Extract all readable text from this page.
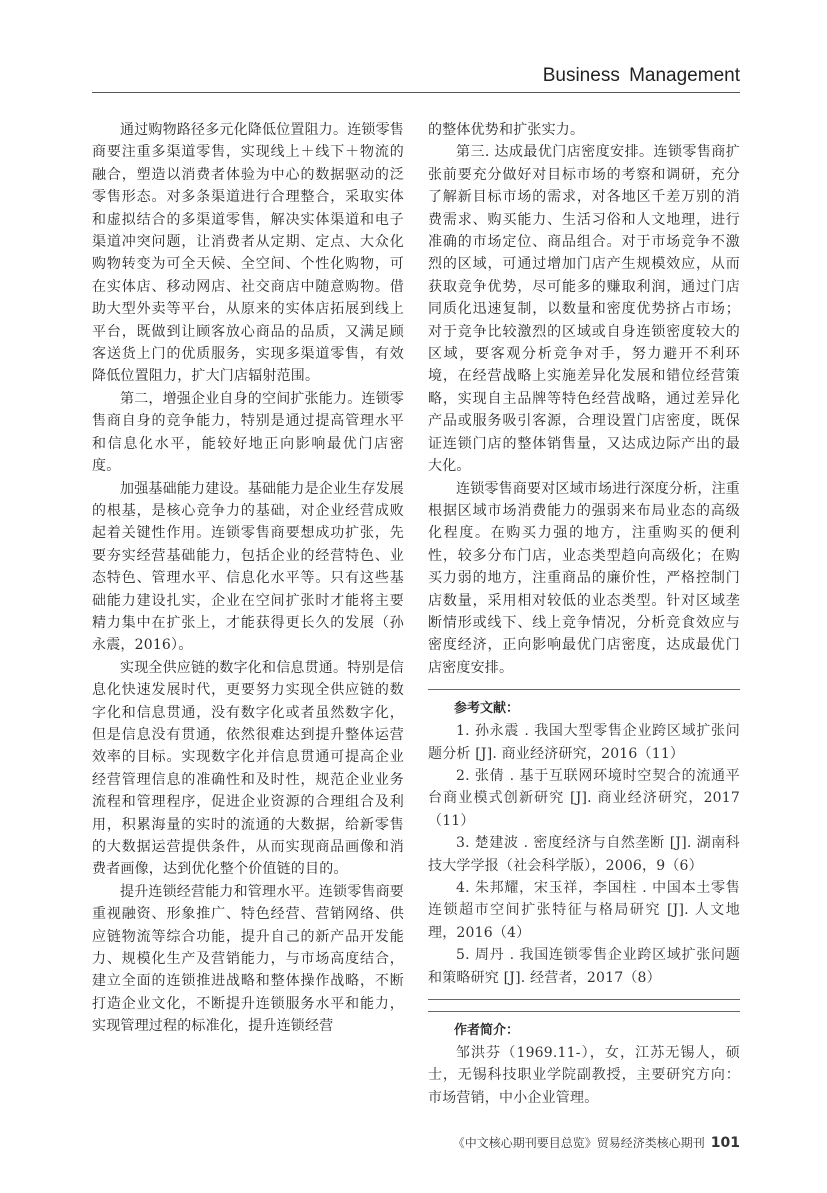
Business Management

通过购物路径多元化降低位置阻力。连锁零售商要注重多渠道零售，实现线上＋线下＋物流的融合，塑造以消费者体验为中心的数据驱动的泛零售形态。对多条渠道进行合理整合，采取实体和虚拟结合的多渠道零售，解决实体渠道和电子渠道冲突问题，让消费者从定期、定点、大众化购物转变为可全天候、全空间、个性化购物，可在实体店、移动网店、社交商店中随意购物。借助大型外卖等平台，从原来的实体店拓展到线上平台，既做到让顾客放心商品的品质，又满足顾客送货上门的优质服务，实现多渠道零售，有效降低位置阻力，扩大门店辐射范围。

第二，增强企业自身的空间扩张能力。连锁零售商自身的竞争能力，特别是通过提高管理水平和信息化水平，能较好地正向影响最优门店密度。

加强基础能力建设。基础能力是企业生存发展的根基，是核心竞争力的基础，对企业经营成败起着关键性作用。连锁零售商要想成功扩张，先要夯实经营基础能力，包括企业的经营特色、业态特色、管理水平、信息化水平等。只有这些基础能力建设扎实，企业在空间扩张时才能将主要精力集中在扩张上，才能获得更长久的发展（孙永震，2016）。

实现全供应链的数字化和信息贯通。特别是信息化快速发展时代，更要努力实现全供应链的数字化和信息贯通，没有数字化或者虽然数字化，但是信息没有贯通，依然很难达到提升整体运营效率的目标。实现数字化并信息贯通可提高企业经营管理信息的准确性和及时性，规范企业业务流程和管理程序，促进企业资源的合理组合及利用，积累海量的实时的流通的大数据，给新零售的大数据运营提供条件，从而实现商品画像和消费者画像，达到优化整个价值链的目的。

提升连锁经营能力和管理水平。连锁零售商要重视融资、形象推广、特色经营、营销网络、供应链物流等综合功能，提升自己的新产品开发能力、规模化生产及营销能力，与市场高度结合，建立全面的连锁推进战略和整体操作战略，不断打造企业文化，不断提升连锁服务水平和能力，实现管理过程的标准化，提升连锁经营

的整体优势和扩张实力。

第三. 达成最优门店密度安排。连锁零售商扩张前要充分做好对目标市场的考察和调研，充分了解新目标市场的需求，对各地区千差万别的消费需求、购买能力、生活习俗和人文地理，进行准确的市场定位、商品组合。对于市场竞争不激烈的区域，可通过增加门店产生规模效应，从而获取竞争优势，尽可能多的赚取利润，通过门店同质化迅速复制，以数量和密度优势挤占市场；对于竞争比较激烈的区域或自身连锁密度较大的区域，要客观分析竞争对手，努力避开不利环境，在经营战略上实施差异化发展和错位经营策略，实现自主品牌等特色经营战略，通过差异化产品或服务吸引客源，合理设置门店密度，既保证连锁门店的整体销售量，又达成边际产出的最大化。

连锁零售商要对区域市场进行深度分析，注重根据区域市场消费能力的强弱来布局业态的高级化程度。在购买力强的地方，注重购买的便利性，较多分布门店，业态类型趋向高级化；在购买力弱的地方，注重商品的廉价性，严格控制门店数量，采用相对较低的业态类型。针对区域垄断情形或线下、线上竞争情况，分析竞食效应与密度经济，正向影响最优门店密度，达成最优门店密度安排。

参考文献：

1. 孙永震 . 我国大型零售企业跨区域扩张问题分析 [J]. 商业经济研究，2016（11）

2. 张倩 . 基于互联网环境时空契合的流通平台商业模式创新研究 [J]. 商业经济研究，2017（11）

3. 楚建波 . 密度经济与自然垄断 [J]. 湖南科技大学学报（社会科学版），2006，9（6）

4. 朱邦耀，宋玉祥，李国柱 . 中国本土零售连锁超市空间扩张特征与格局研究 [J]. 人文地理，2016（4）

5. 周丹 . 我国连锁零售企业跨区域扩张问题和策略研究 [J]. 经营者，2017（8）

作者简介：

邹洪芬（1969.11-），女，江苏无锡人，硕士，无锡科技职业学院副教授，主要研究方向：市场营销，中小企业管理。

《中文核心期刊要目总览》贸易经济类核心期刊 101
